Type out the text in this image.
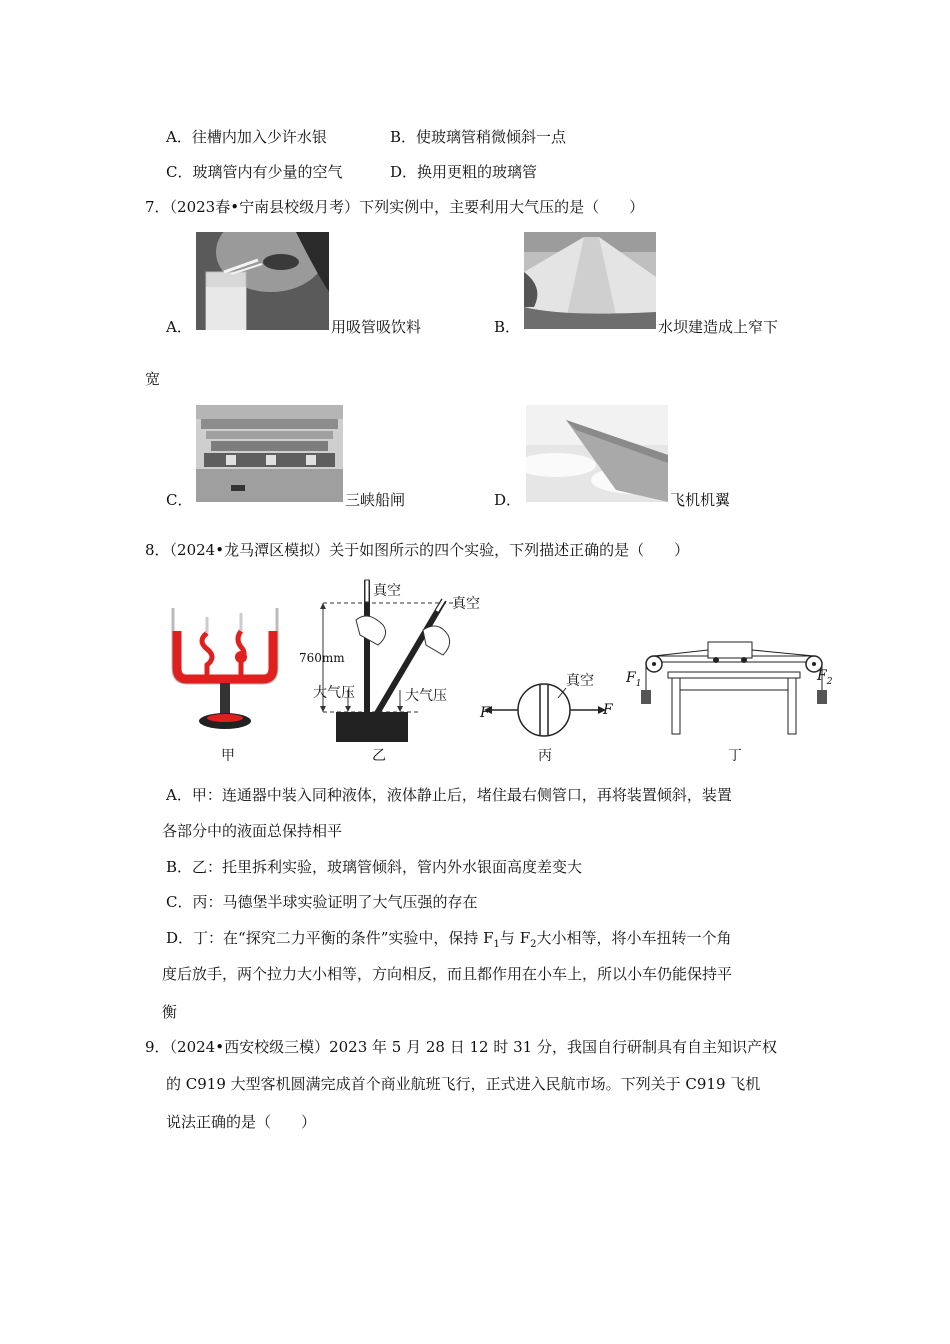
A．往槽内加入少许水银	B．使玻璃管稍微倾斜一点
C．玻璃管内有少量的空气	D．换用更粗的玻璃管
7．（2023春•宁南县校级月考）下列实例中，主要利用大气压的是（　　）
A．	用吸管吸饮料	B．	水坝建造成上窄下
宽
C．	三峡船闸	D．	飞机机翼
8．（2024•龙马潭区模拟）关于如图所示的四个实验，下列描述正确的是（　　）
甲
真空
真空
760mm
大气压	大气压
乙
真空
F	F
丙
$F_1$	$F_2$
丁
A．甲：连通器中装入同种液体，液体静止后，堵住最右侧管口，再将装置倾斜，装置
各部分中的液面总保持相平
B．乙：托里拆利实验，玻璃管倾斜，管内外水银面高度差变大
C．丙：马德堡半球实验证明了大气压强的存在
D．丁：在“探究二力平衡的条件”实验中，保持 $F_1$与 $F_2$大小相等，将小车扭转一个角
度后放手，两个拉力大小相等，方向相反，而且都作用在小车上，所以小车仍能保持平
衡
9．（2024•西安校级三模）2023 年 5 月 28 日 12 时 31 分，我国自行研制具有自主知识产权
的 C919 大型客机圆满完成首个商业航班飞行，正式进入民航市场。下列关于 C919 飞机
说法正确的是（　　）
